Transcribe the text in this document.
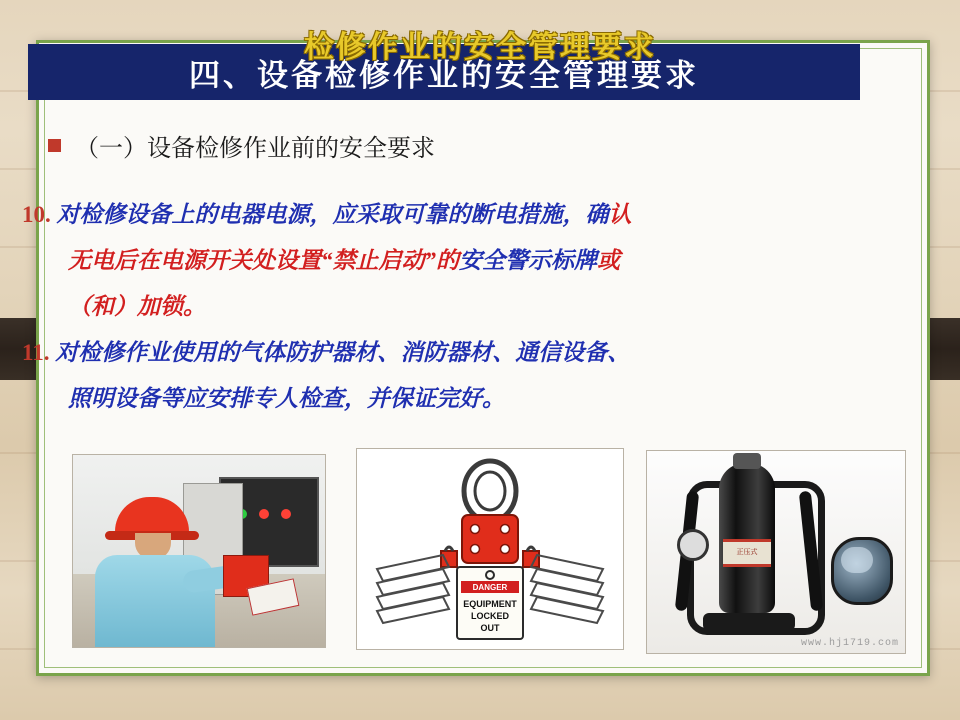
检修作业的安全管理要求
四、设备检修作业的安全管理要求
（一）设备检修作业前的安全要求
10. 对检修设备上的电器电源，应采取可靠的断电措施，确认
无电后在电源开关处设置“禁止启动”的安全警示标牌或
（和）加锁。
11. 对检修作业使用的气体防护器材、消防器材、通信设备、
照明设备等应安排专人检查，并保证完好。
DANGER
EQUIPMENT
LOCKED
OUT
正压式
www.hj1719.com
